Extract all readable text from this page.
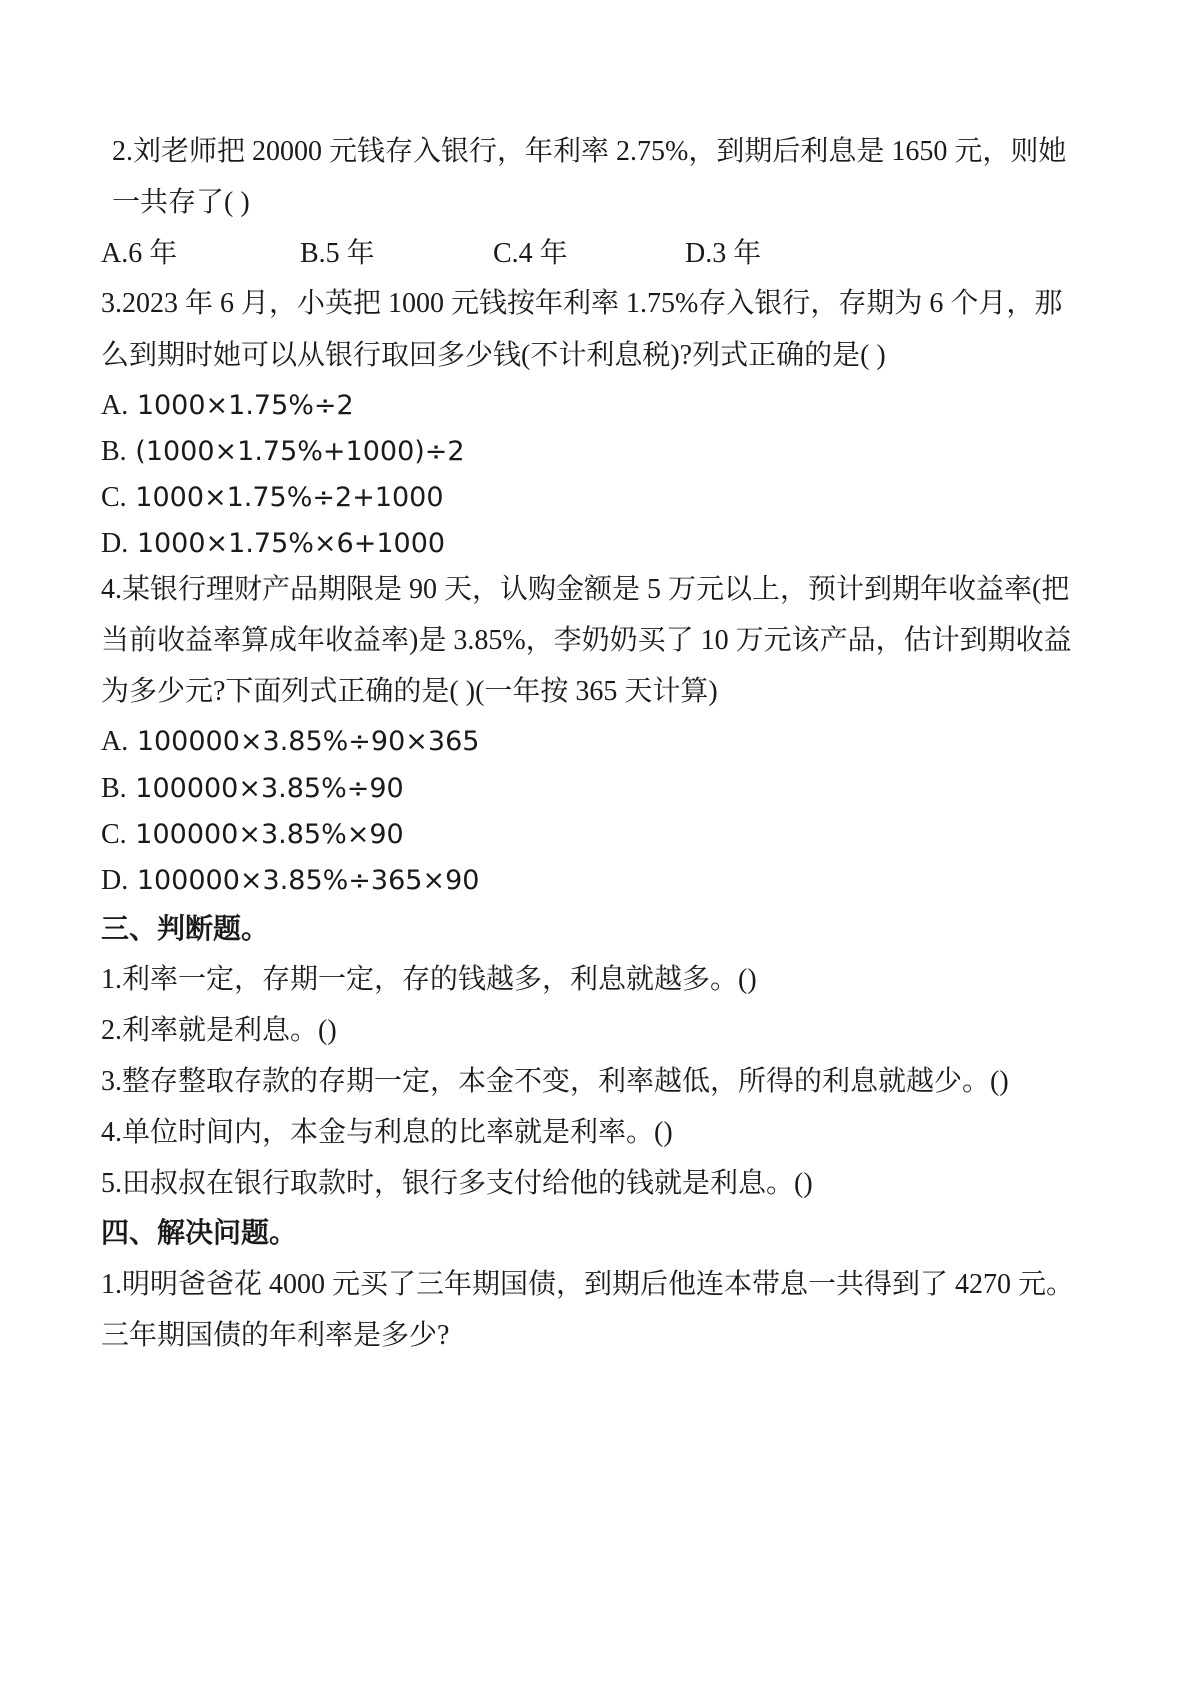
2.刘老师把 20000 元钱存入银行，年利率 2.75%，到期后利息是 1650 元，则她
一共存了( )
A.6 年	B.5 年	C.4 年	D.3 年
3.2023 年 6 月，小英把 1000 元钱按年利率 1.75%存入银行，存期为 6 个月，那
么到期时她可以从银行取回多少钱(不计利息税)?列式正确的是( )
A. 1000×1.75%÷2
B. (1000×1.75%+1000)÷2
C. 1000×1.75%÷2+1000
D. 1000×1.75%×6+1000
4.某银行理财产品期限是 90 天，认购金额是 5 万元以上，预计到期年收益率(把
当前收益率算成年收益率)是 3.85%，李奶奶买了 10 万元该产品，估计到期收益
为多少元?下面列式正确的是( )(一年按 365 天计算)
A. 100000×3.85%÷90×365
B. 100000×3.85%÷90
C. 100000×3.85%×90
D. 100000×3.85%÷365×90
三、判断题。
1.利率一定，存期一定，存的钱越多，利息就越多。()
2.利率就是利息。()
3.整存整取存款的存期一定，本金不变，利率越低，所得的利息就越少。()
4.单位时间内，本金与利息的比率就是利率。()
5.田叔叔在银行取款时，银行多支付给他的钱就是利息。()
四、解决问题。
1.明明爸爸花 4000 元买了三年期国债，到期后他连本带息一共得到了 4270 元。
三年期国债的年利率是多少?
